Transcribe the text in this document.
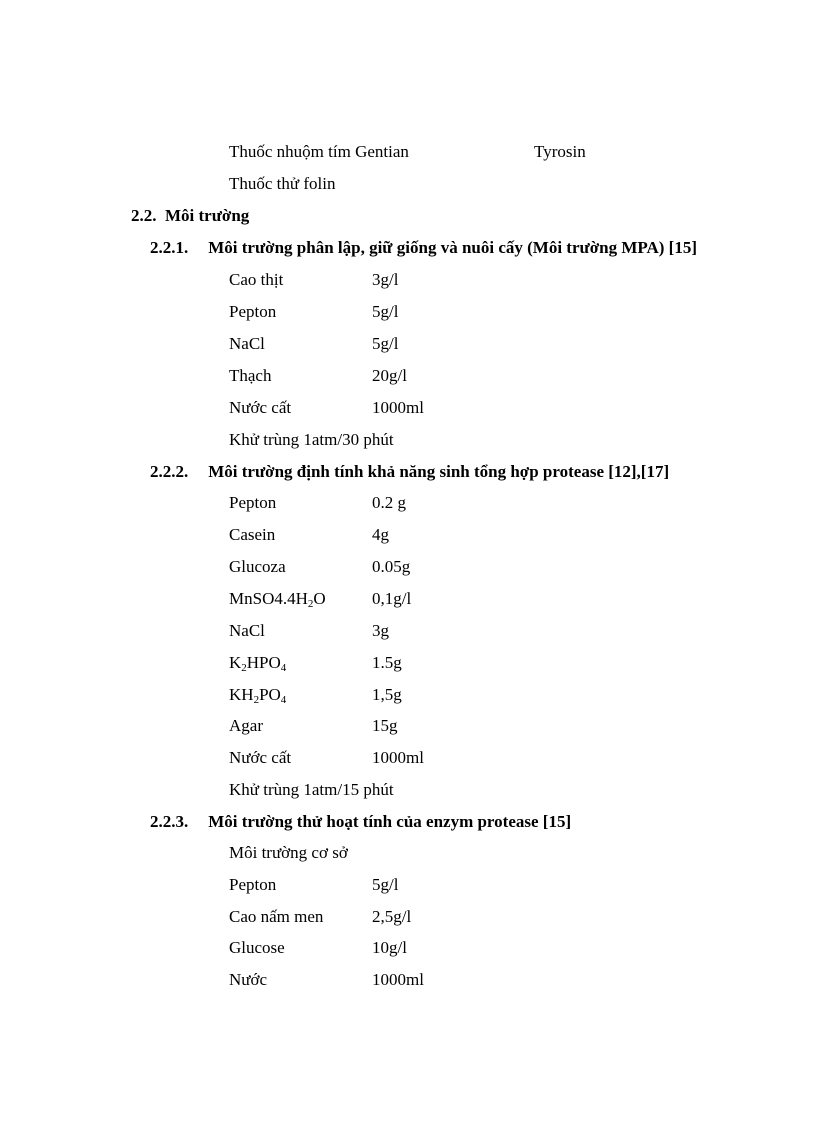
Thuốc nhuộm tím Gentian	Tyrosin
Thuốc thử folin
2.2. Môi trường
2.2.1. Môi trường phân lập, giữ giống và nuôi cấy (Môi trường MPA) [15]
Cao thịt	3g/l
Pepton	5g/l
NaCl	5g/l
Thạch	20g/l
Nước cất	1000ml
Khử trùng 1atm/30 phút
2.2.2. Môi trường định tính khả năng sinh tổng hợp protease [12],[17]
Pepton	0.2 g
Casein	4g
Glucoza	0.05g
$MnSO4.4H_2O$	0,1g/l
NaCl	3g
$K_2HPO_4$	1.5g
$KH_2PO_4$	1,5g
Agar	15g
Nước cất	1000ml
Khử trùng 1atm/15 phút
2.2.3. Môi trường thử hoạt tính của enzym protease [15]
Môi trường cơ sở
Pepton	5g/l
Cao nấm men	2,5g/l
Glucose	10g/l
Nước	1000ml
